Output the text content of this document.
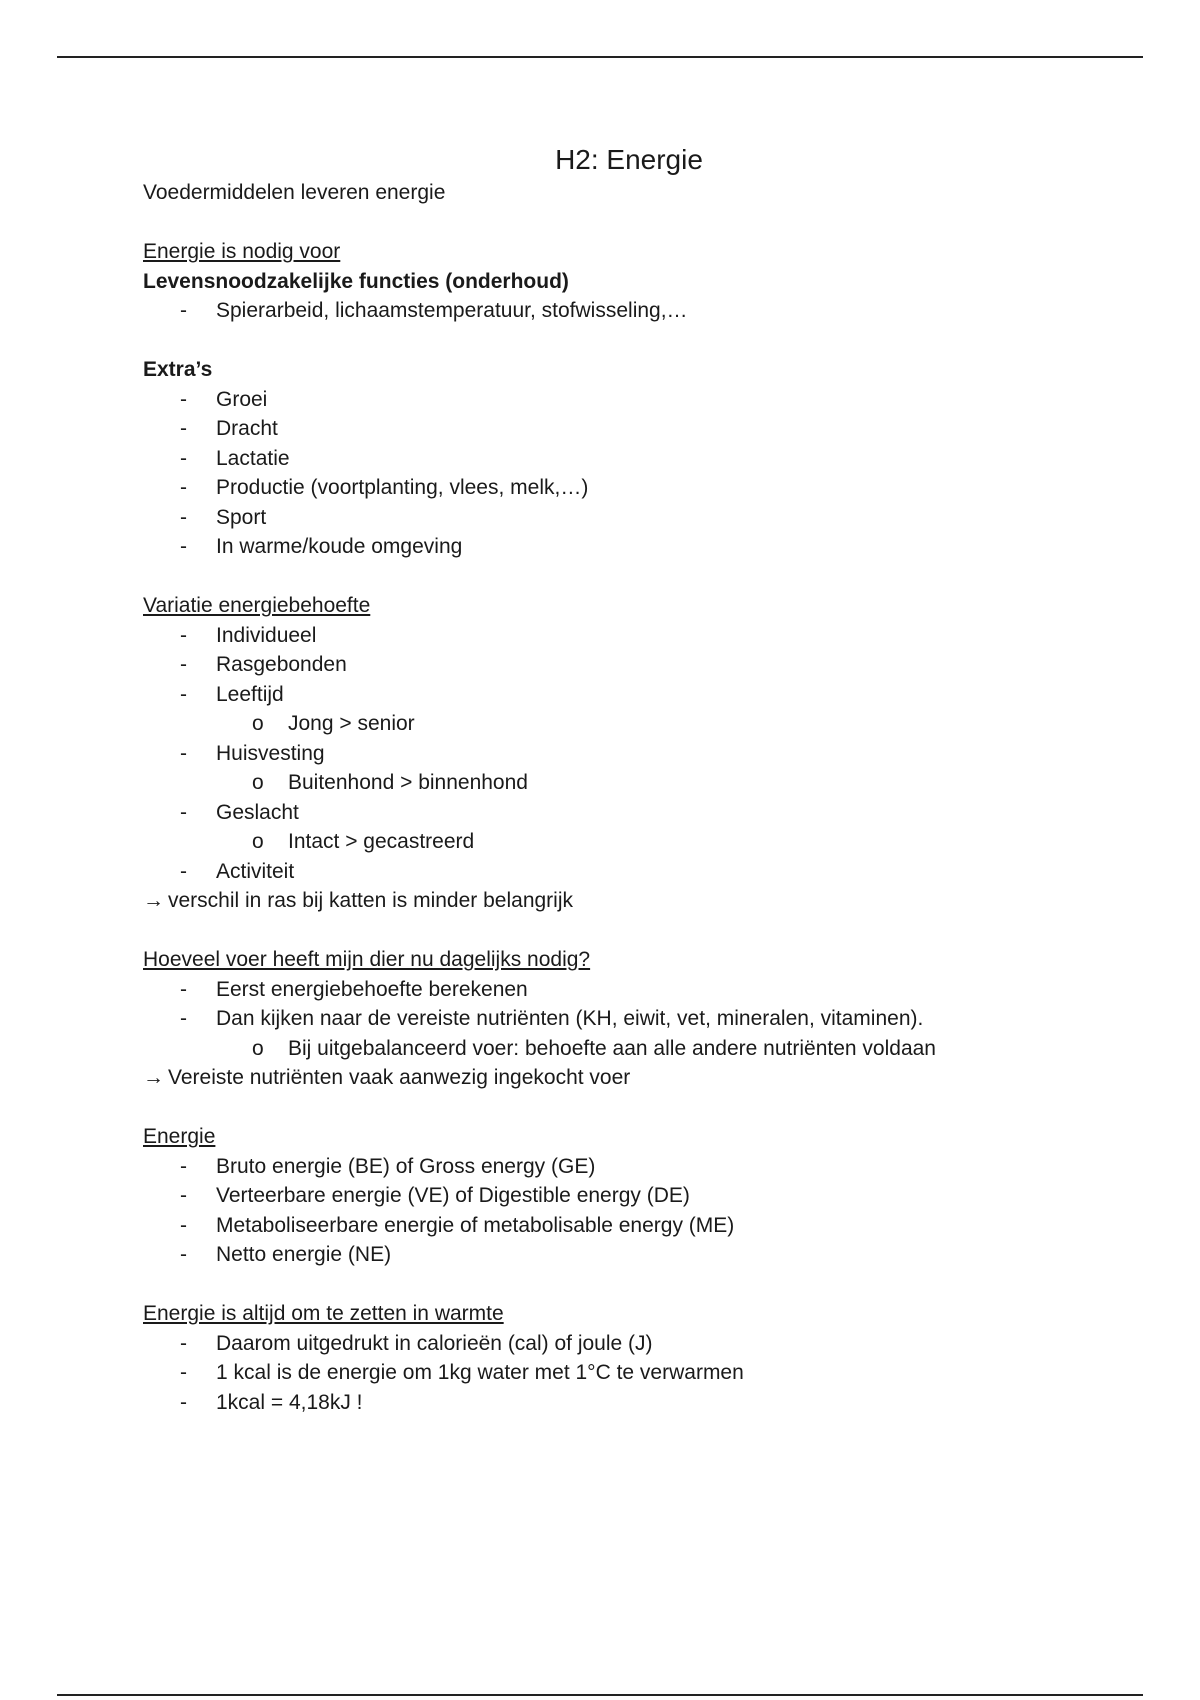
H2: Energie

Voedermiddelen leveren energie

Energie is nodig voor

Levensnoodzakelijke functies (onderhoud)

- Spierarbeid, lichaamstemperatuur, stofwisseling,…

Extra’s

- Groei
- Dracht
- Lactatie
- Productie (voortplanting, vlees, melk,…)
- Sport
- In warme/koude omgeving

Variatie energiebehoefte

- Individueel
- Rasgebonden
- Leeftijd
o Jong > senior
- Huisvesting
o Buitenhond > binnenhond
- Geslacht
o Intact > gecastreerd
- Activiteit

→ verschil in ras bij katten is minder belangrijk

Hoeveel voer heeft mijn dier nu dagelijks nodig?

- Eerst energiebehoefte berekenen
- Dan kijken naar de vereiste nutriënten (KH, eiwit, vet, mineralen, vitaminen).
o Bij uitgebalanceerd voer: behoefte aan alle andere nutriënten voldaan

→ Vereiste nutriënten vaak aanwezig ingekocht voer

Energie

- Bruto energie (BE) of Gross energy (GE)
- Verteerbare energie (VE) of Digestible energy (DE)
- Metaboliseerbare energie of metabolisable energy (ME)
- Netto energie (NE)

Energie is altijd om te zetten in warmte

- Daarom uitgedrukt in calorieën (cal) of joule (J)
- 1 kcal is de energie om 1kg water met 1°C te verwarmen
- 1kcal = 4,18kJ !
